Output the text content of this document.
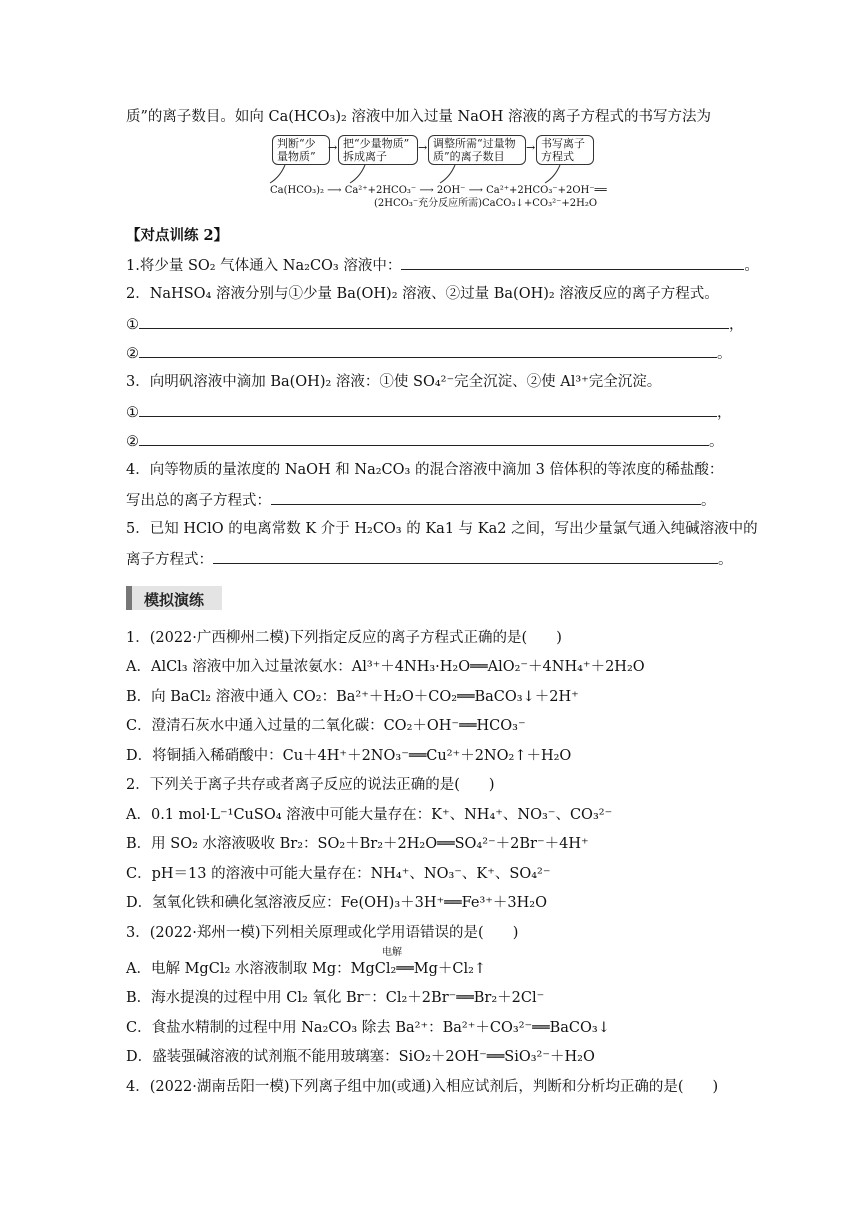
质”的离子数目。如向 Ca(HCO₃)₂ 溶液中加入过量 NaOH 溶液的离子方程式的书写方法为
判断“少
量物质”
→ 把“少量物质”
拆成离子
→ 调整所需“过量物
质”的离子数目
→ 书写离子
方程式
Ca(HCO₃)₂ ⟶ Ca²⁺+2HCO₃⁻ ⟶ 2OH⁻ ⟶ Ca²⁺+2HCO₃⁻+2OH⁻══
(2HCO₃⁻充分反应所需)CaCO₃↓+CO₃²⁻+2H₂O
【对点训练 2】
1.将少量 SO₂ 气体通入 Na₂CO₃ 溶液中：	。
2．NaHSO₄ 溶液分别与①少量 Ba(OH)₂ 溶液、②过量 Ba(OH)₂ 溶液反应的离子方程式。
①	，
②	。
3．向明矾溶液中滴加 Ba(OH)₂ 溶液：①使 SO₄²⁻完全沉淀、②使 Al³⁺完全沉淀。
①	，
②	。
4．向等物质的量浓度的 NaOH 和 Na₂CO₃ 的混合溶液中滴加 3 倍体积的等浓度的稀盐酸：
写出总的离子方程式：	。
5．已知 HClO 的电离常数 K 介于 H₂CO₃ 的 Ka1 与 Ka2 之间，写出少量氯气通入纯碱溶液中的
离子方程式：	。
模拟演练
1．(2022·广西柳州二模)下列指定反应的离子方程式正确的是(　　)
A．AlCl₃ 溶液中加入过量浓氨水：Al³⁺＋4NH₃·H₂O══AlO₂⁻＋4NH₄⁺＋2H₂O
B．向 BaCl₂ 溶液中通入 CO₂：Ba²⁺＋H₂O＋CO₂══BaCO₃↓＋2H⁺
C．澄清石灰水中通入过量的二氧化碳：CO₂＋OH⁻══HCO₃⁻
D．将铜插入稀硝酸中：Cu＋4H⁺＋2NO₃⁻══Cu²⁺＋2NO₂↑＋H₂O
2．下列关于离子共存或者离子反应的说法正确的是(　　)
A．0.1 mol·L⁻¹CuSO₄ 溶液中可能大量存在：K⁺、NH₄⁺、NO₃⁻、CO₃²⁻
B．用 SO₂ 水溶液吸收 Br₂：SO₂＋Br₂＋2H₂O══SO₄²⁻＋2Br⁻＋4H⁺
C．pH＝13 的溶液中可能大量存在：NH₄⁺、NO₃⁻、K⁺、SO₄²⁻
D．氢氧化铁和碘化氢溶液反应：Fe(OH)₃＋3H⁺══Fe³⁺＋3H₂O
3．(2022·郑州一模)下列相关原理或化学用语错误的是(　　)
电解
A．电解 MgCl₂ 水溶液制取 Mg：MgCl₂══Mg＋Cl₂↑
B．海水提溴的过程中用 Cl₂ 氧化 Br⁻：Cl₂＋2Br⁻══Br₂＋2Cl⁻
C．食盐水精制的过程中用 Na₂CO₃ 除去 Ba²⁺：Ba²⁺＋CO₃²⁻══BaCO₃↓
D．盛装强碱溶液的试剂瓶不能用玻璃塞：SiO₂＋2OH⁻══SiO₃²⁻＋H₂O
4．(2022·湖南岳阳一模)下列离子组中加(或通)入相应试剂后，判断和分析均正确的是(　　)
